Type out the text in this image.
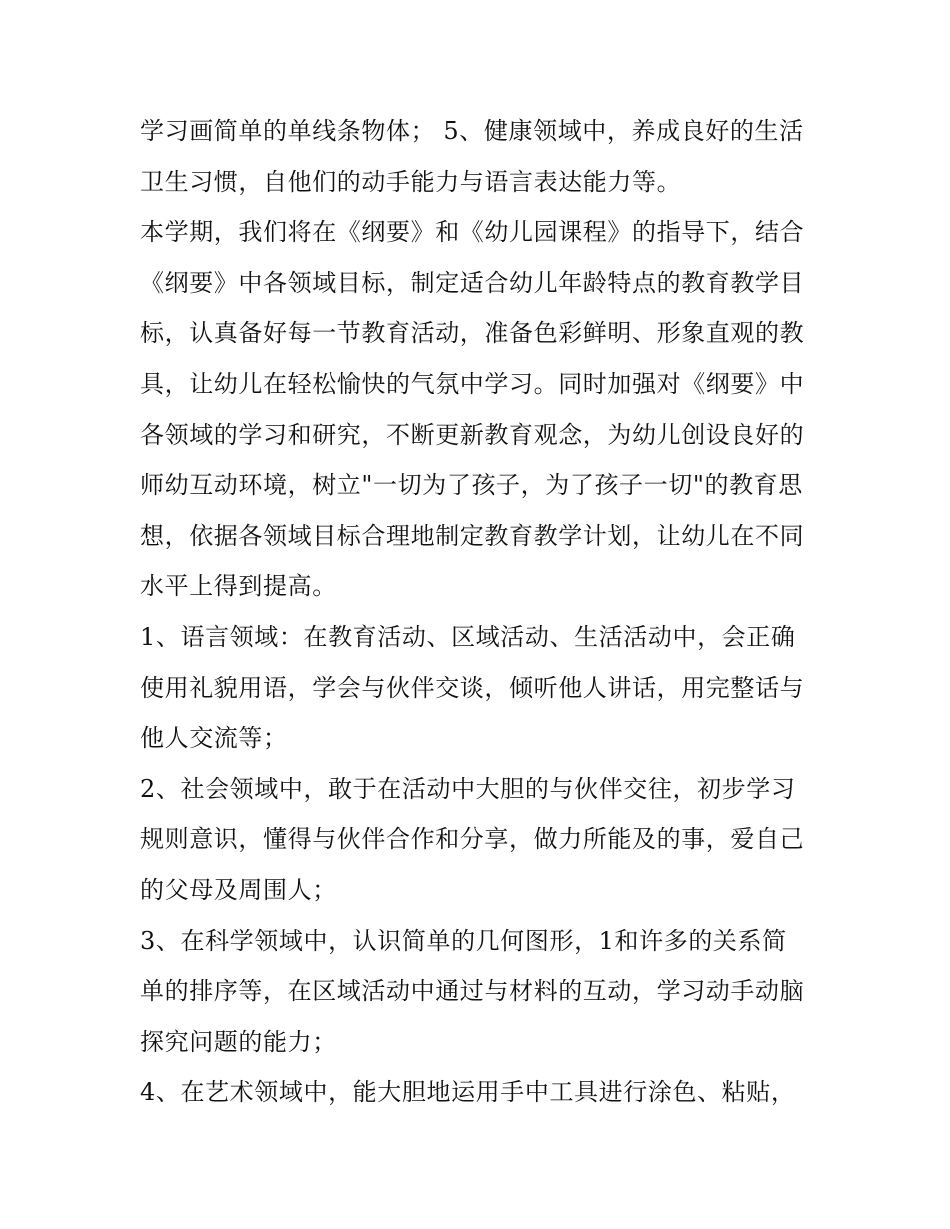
学习画简单的单线条物体； 5、健康领域中，养成良好的生活
卫生习惯，自他们的动手能力与语言表达能力等。
本学期，我们将在《纲要》和《幼儿园课程》的指导下，结合
《纲要》中各领域目标，制定适合幼儿年龄特点的教育教学目
标，认真备好每一节教育活动，准备色彩鲜明、形象直观的教
具，让幼儿在轻松愉快的气氛中学习。同时加强对《纲要》中
各领域的学习和研究，不断更新教育观念，为幼儿创设良好的
师幼互动环境，树立"一切为了孩子，为了孩子一切"的教育思
想，依据各领域目标合理地制定教育教学计划，让幼儿在不同
水平上得到提高。
1、语言领域：在教育活动、区域活动、生活活动中，会正确
使用礼貌用语，学会与伙伴交谈，倾听他人讲话，用完整话与
他人交流等；
2、社会领域中，敢于在活动中大胆的与伙伴交往，初步学习
规则意识，懂得与伙伴合作和分享，做力所能及的事，爱自己
的父母及周围人；
3、在科学领域中，认识简单的几何图形，1和许多的关系简
单的排序等，在区域活动中通过与材料的互动，学习动手动脑
探究问题的能力；
4、在艺术领域中，能大胆地运用手中工具进行涂色、粘贴，
